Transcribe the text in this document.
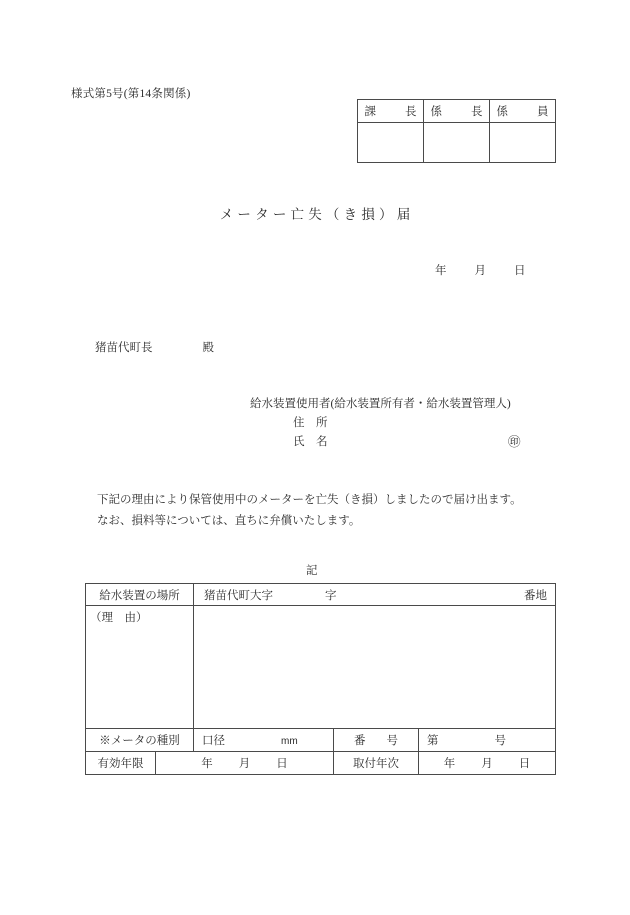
様式第5号(第14条関係)
課　長	係　長	係　員

メーター亡失（き損）届
年 月 日
猪苗代町長	殿
給水装置使用者(給水装置所有者・給水装置管理人)
住　所
氏　名	㊞

下記の理由により保管使用中のメーターを亡失（き損）しましたので届け出ます。

なお、損料等については、直ちに弁償いたします。

記
給水装置の場所		猪苗代町大字 字 番地		

（理　由）				
※メータの種別		口径 mm	番　号	第 号
有効年限	年 月 日		取付年次	年 月 日
